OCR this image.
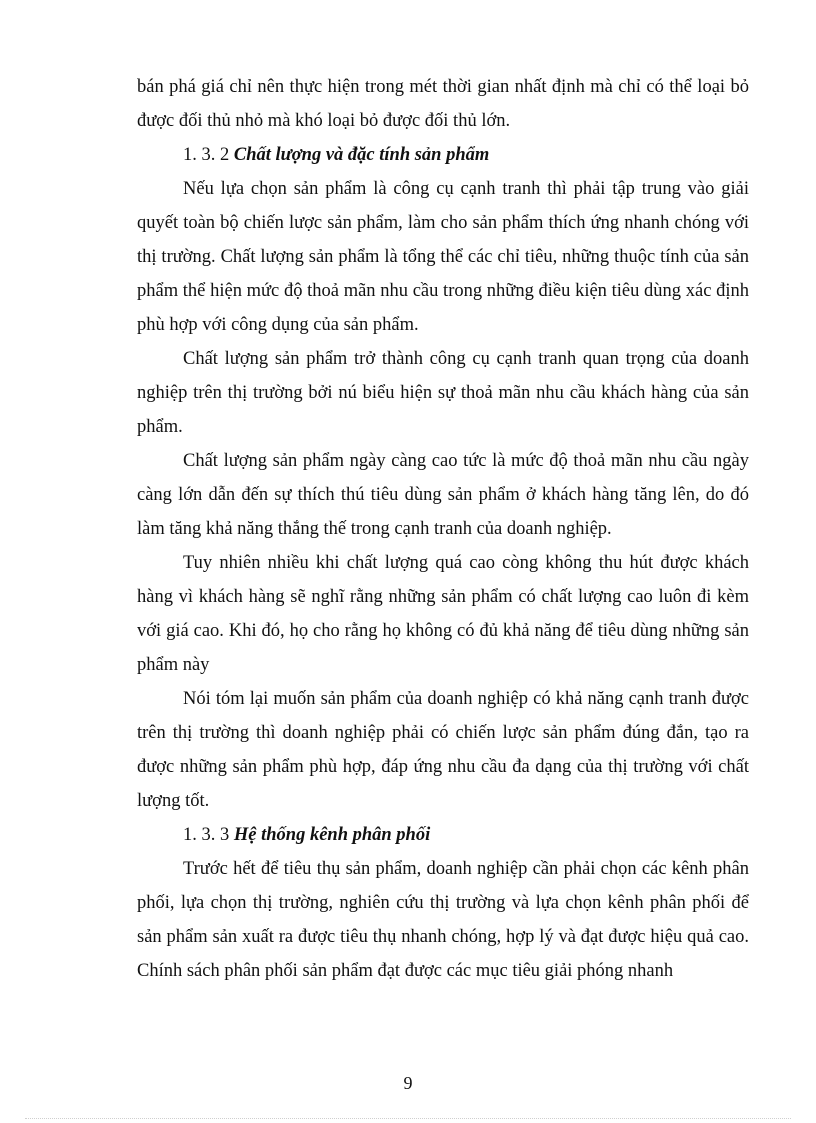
bán phá giá chỉ nên thực hiện trong mét thời gian nhất định mà chỉ có thể loại bỏ được đối thủ nhỏ mà khó loại bỏ được đối thủ lớn.

1. 3. 2 Chất lượng và đặc tính sản phẩm

Nếu lựa chọn sản phẩm là công cụ cạnh tranh thì phải tập trung vào giải quyết toàn bộ chiến lược sản phẩm, làm cho sản phẩm thích ứng nhanh chóng với thị trường. Chất lượng sản phẩm là tổng thể các chỉ tiêu, những thuộc tính của sản phẩm thể hiện mức độ thoả mãn nhu cầu trong những điều kiện tiêu dùng xác định phù hợp với công dụng của sản phẩm.

Chất lượng sản phẩm trở thành công cụ cạnh tranh quan trọng của doanh nghiệp trên thị trường bởi nú biểu hiện sự thoả mãn nhu cầu khách hàng của sản phẩm.

Chất lượng sản phẩm ngày càng cao tức là mức độ thoả mãn nhu cầu ngày càng lớn dẫn đến sự thích thú tiêu dùng sản phẩm ở khách hàng tăng lên, do đó làm tăng khả năng thắng thế trong cạnh tranh của doanh nghiệp.

Tuy nhiên nhiều khi chất lượng quá cao còng không thu hút được khách hàng vì khách hàng sẽ nghĩ rằng những sản phẩm có chất lượng cao luôn đi kèm với giá cao. Khi đó, họ cho rằng họ không có đủ khả năng để tiêu dùng những sản phẩm này

Nói tóm lại muốn sản phẩm của doanh nghiệp có khả năng cạnh tranh được trên thị trường thì doanh nghiệp phải có chiến lược sản phẩm đúng đắn, tạo ra được những sản phẩm phù hợp, đáp ứng nhu cầu đa dạng của thị trường với chất lượng tốt.

1. 3. 3 Hệ thống kênh phân phối

Trước hết để tiêu thụ sản phẩm, doanh nghiệp cần phải chọn các kênh phân phối, lựa chọn thị trường, nghiên cứu thị trường và lựa chọn kênh phân phối để sản phẩm sản xuất ra được tiêu thụ nhanh chóng, hợp lý và đạt được hiệu quả cao. Chính sách phân phối sản phẩm đạt được các mục tiêu giải phóng nhanh

9
